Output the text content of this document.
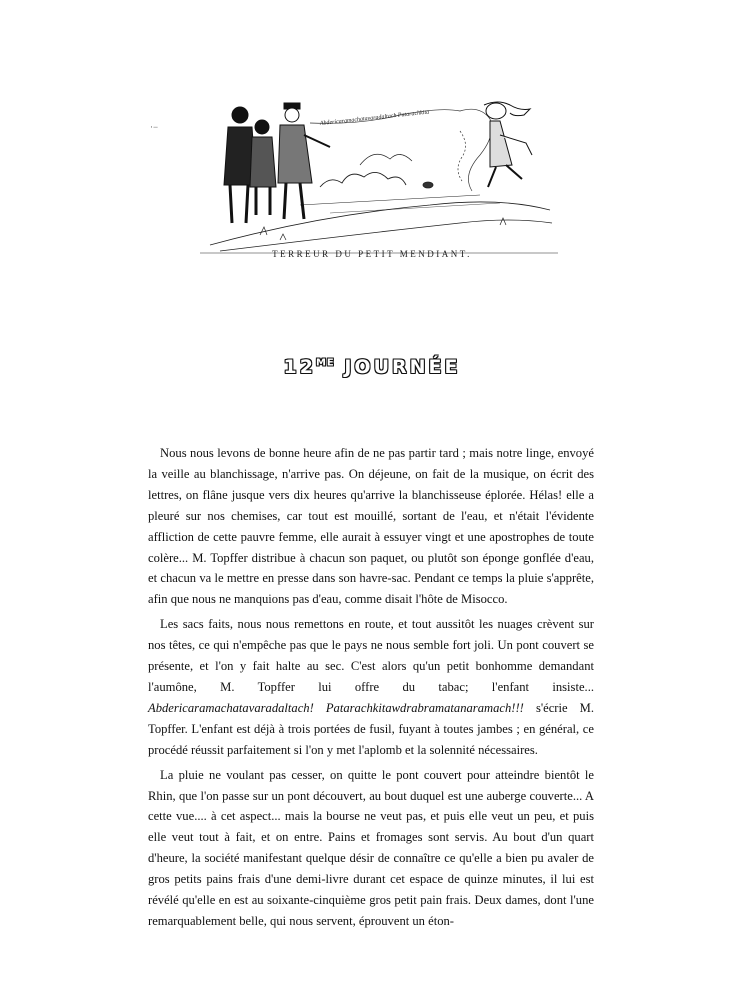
·−
Abdericaramachatavaradaltach Patarachkita
TERREUR DU PETIT MENDIANT.
$12^{ME}$ JOURNÉE

Nous nous levons de bonne heure afin de ne pas partir tard ; mais notre linge, envoyé la veille au blanchissage, n'arrive pas. On déjeune, on fait de la musique, on écrit des lettres, on flâne jusque vers dix heures qu'arrive la blanchisseuse éplorée. Hélas! elle a pleuré sur nos chemises, car tout est mouillé, sortant de l'eau, et n'était l'évidente affliction de cette pauvre femme, elle aurait à essuyer vingt et une apostrophes de toute colère... M. Topffer distribue à chacun son paquet, ou plutôt son éponge gonflée d'eau, et chacun va le mettre en presse dans son havre-sac. Pendant ce temps la pluie s'apprête, afin que nous ne manquions pas d'eau, comme disait l'hôte de Misocco.

Les sacs faits, nous nous remettons en route, et tout aussitôt les nuages crèvent sur nos têtes, ce qui n'empêche pas que le pays ne nous semble fort joli. Un pont couvert se présente, et l'on y fait halte au sec. C'est alors qu'un petit bonhomme demandant l'aumône, M. Topffer lui offre du tabac; l'enfant insiste... Abdericaramachatavaradaltach! Patarachkitawdrabramatanaramach!!! s'écrie M. Topffer. L'enfant est déjà à trois portées de fusil, fuyant à toutes jambes ; en général, ce procédé réussit parfaitement si l'on y met l'aplomb et la solennité nécessaires.

La pluie ne voulant pas cesser, on quitte le pont couvert pour atteindre bientôt le Rhin, que l'on passe sur un pont découvert, au bout duquel est une auberge couverte... A cette vue.... à cet aspect... mais la bourse ne veut pas, et puis elle veut un peu, et puis elle veut tout à fait, et on entre. Pains et fromages sont servis. Au bout d'un quart d'heure, la société manifestant quelque désir de connaître ce qu'elle a bien pu avaler de gros petits pains frais d'une demi-livre durant cet espace de quinze minutes, il lui est révélé qu'elle en est au soixante-cinquième gros petit pain frais. Deux dames, dont l'une remarquablement belle, qui nous servent, éprouvent un éton-
